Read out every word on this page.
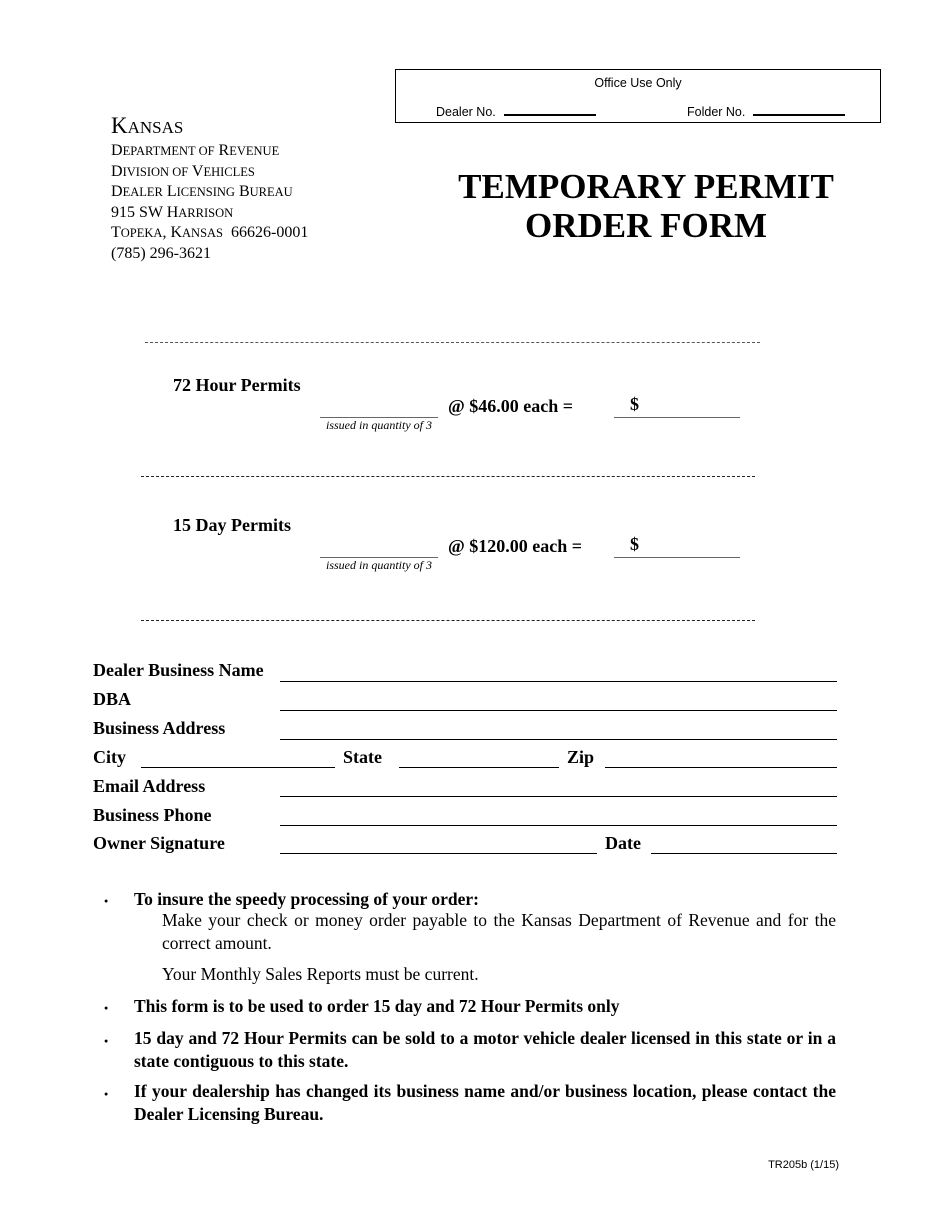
Office Use Only
Dealer No.	Folder No.
KANSAS
DEPARTMENT OF REVENUE
DIVISION OF VEHICLES
DEALER LICENSING BUREAU
915 SW HARRISON
TOPEKA, KANSAS 66626-0001
(785) 296-3621
TEMPORARY PERMIT
ORDER FORM
72 Hour Permits
issued in quantity of 3
@ $46.00 each =	$
15 Day Permits
issued in quantity of 3
@ $120.00 each =	$
Dealer Business Name
DBA
Business Address
City	State	Zip
Email Address
Business Phone
Owner Signature	Date
● To insure the speedy processing of your order:
Make your check or money order payable to the Kansas Department of Revenue and for the correct amount.
Your Monthly Sales Reports must be current.
● This form is to be used to order 15 day and 72 Hour Permits only
● 15 day and 72 Hour Permits can be sold to a motor vehicle dealer licensed in this state or in a state contiguous to this state.
● If your dealership has changed its business name and/or business location, please contact the Dealer Licensing Bureau.
TR205b (1/15)
